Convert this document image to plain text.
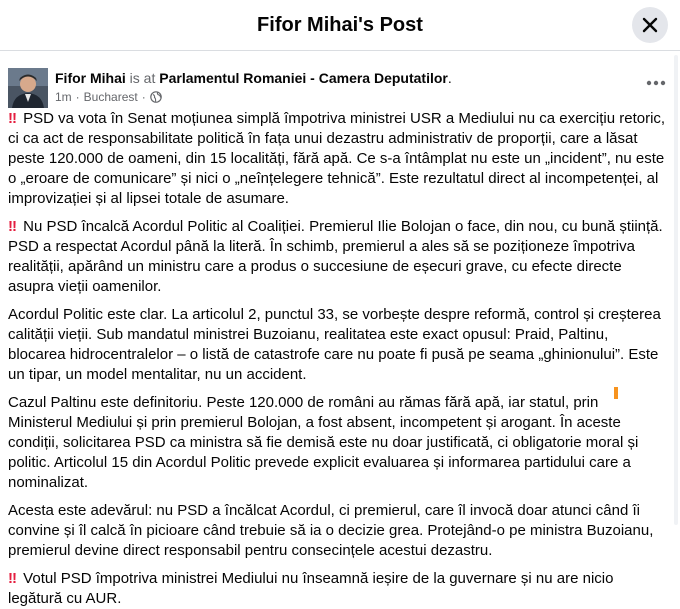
Fifor Mihai's Post
Fifor Mihai is at Parlamentul Romaniei - Camera Deputatilor.
1m · Bucharest ·

!! PSD va vota în Senat moțiunea simplă împotriva ministrei USR a Mediului nu ca exercițiu retoric, ci ca act de responsabilitate politică în fața unui dezastru administrativ de proporții, care a lăsat peste 120.000 de oameni, din 15 localități, fără apă. Ce s-a întâmplat nu este un „incident”, nu este o „eroare de comunicare” și nici o „neînțelegere tehnică”. Este rezultatul direct al incompetenței, al improvizației și al lipsei totale de asumare.

!! Nu PSD încalcă Acordul Politic al Coaliției. Premierul Ilie Bolojan o face, din nou, cu bună știință. PSD a respectat Acordul până la literă. În schimb, premierul a ales să se poziționeze împotriva realității, apărând un ministru care a produs o succesiune de eșecuri grave, cu efecte directe asupra vieții oamenilor.

Acordul Politic este clar. La articolul 2, punctul 33, se vorbește despre reformă, control și creșterea calității vieții. Sub mandatul ministrei Buzoianu, realitatea este exact opusul: Praid, Paltinu, blocarea hidrocentralelor – o listă de catastrofe care nu poate fi pusă pe seama „ghinionului”. Este un tipar, un model mentalitar, nu un accident.

Cazul Paltinu este definitoriu. Peste 120.000 de români au rămas fără apă, iar statul, prin Ministerul Mediului și prin premierul Bolojan, a fost absent, incompetent și arogant. În aceste condiții, solicitarea PSD ca ministra să fie demisă este nu doar justificată, ci obligatorie moral și politic. Articolul 15 din Acordul Politic prevede explicit evaluarea și informarea partidului care a nominalizat.

Acesta este adevărul: nu PSD a încălcat Acordul, ci premierul, care îl invocă doar atunci când îi convine și îl calcă în picioare când trebuie să ia o decizie grea. Protejând-o pe ministra Buzoianu, premierul devine direct responsabil pentru consecințele acestui dezastru.

!! Votul PSD împotriva ministrei Mediului nu înseamnă ieșire de la guvernare și nu are nicio legătură cu AUR.
